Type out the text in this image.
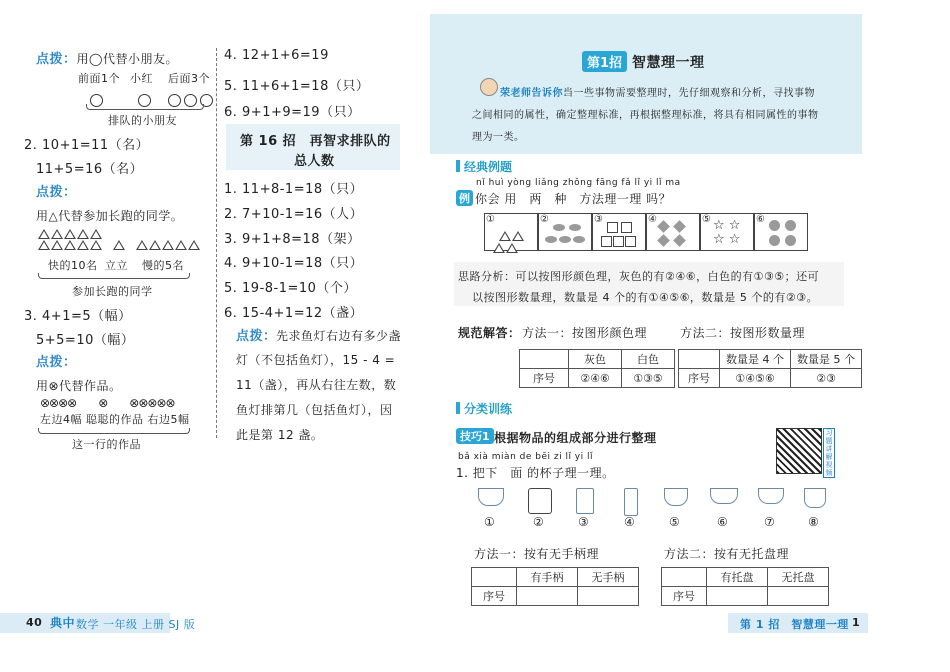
点拨：用◯代替小朋友。
前面1个 小红 后面3个
排队的小朋友
2. 10+1=11（名）
11+5=16（名）
点拨：
用△代替参加长跑的同学。
快的10名 立立 慢的5名
参加长跑的同学
3. 4+1=5（幅）
5+5=10（幅）
点拨：
用⊗代替作品。
⊗⊗⊗⊗　　⊗　　⊗⊗⊗⊗⊗
左边4幅 聪聪的作品 右边5幅
这一行的作品
4. 12+1+6=19
5. 11+6+1=18（只）
6. 9+1+9=19（只）
第 16 招　再智求排队的
总人数
1. 11+8-1=18（只）
2. 7+10-1=16（人）
3. 9+1+8=18（架）
4. 9+10-1=18（只）
5. 19-8-1=10（个）
6. 15-4+1=12（盏）
点拨： 先求鱼灯右边有多少盏
灯（不包括鱼灯），15 - 4 =
11（盏），再从右往左数，数
鱼灯排第几（包括鱼灯），因
此是第 12 盏。
40 典中 数学 一年级 上册 SJ 版
第1招 智慧理一理
荣老师告诉你：
当一些事物需要整理时，先仔细观察和分析，寻找事物
之间相同的属性，确定整理标准，再根据整理标准，将具有相同属性的事物
理为一类。
经典例题
nǐ huì yòng liǎng zhǒng fāng fǎ lǐ yi lǐ ma
例 你会 用　两　种　方法理一理 吗？
①	②	③	④	⑤ ☆ ☆
☆ ☆
⑥
思路分析：可以按图形颜色理，灰色的有②④⑥，白色的有①③⑤；还可
以按图形数量理，数量是 4 个的有①④⑤⑥，数量是 5 个的有②③。
规范解答： 方法一：按图形颜色理	方法二：按图形数量理
	灰色	白色
序号	②④⑥	①③⑤
	数量是 4 个	数量是 5 个
序号	①④⑤⑥	②③
分类训练
技巧1 根据物品的组成部分进行整理	习题讲解视频
bǎ xià miàn de bēi zi lǐ yi lǐ
1. 把下　面 的杯子理一理。
①	②	③	④	⑤	⑥	⑦	⑧
方法一：按有无手柄理	方法二：按有无托盘理
	有手柄	无手柄
序号		
	有托盘	无托盘
序号		
第 1 招　智慧理一理 1
